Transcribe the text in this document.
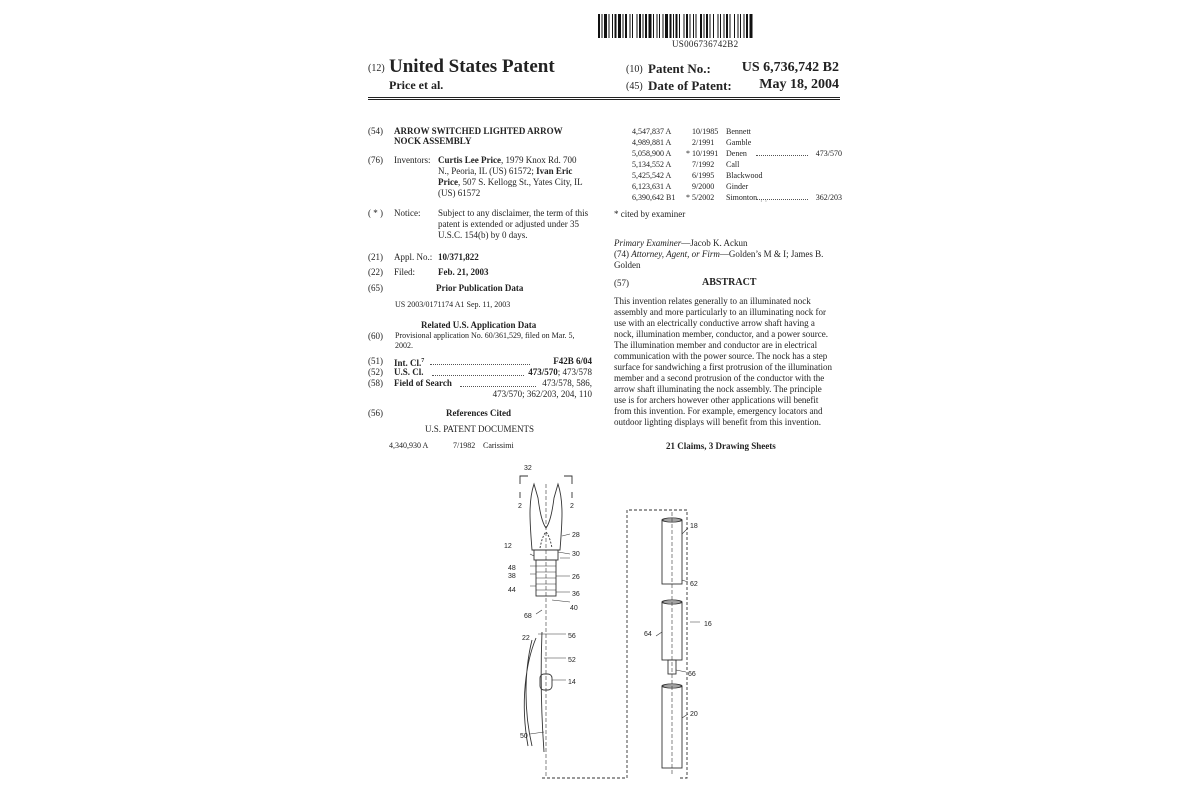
US006736742B2
(12) United States Patent
Price et al.
(10) Patent No.:	US 6,736,742 B2
(45) Date of Patent:	May 18, 2004
(54) ARROW SWITCHED LIGHTED ARROW
NOCK ASSEMBLY
(76) Inventors: Curtis Lee Price, 1979 Knox Rd. 700
N., Peoria, IL (US) 61572; Ivan Eric
Price, 507 S. Kellogg St., Yates City, IL
(US) 61572
( * ) Notice: Subject to any disclaimer, the term of this
patent is extended or adjusted under 35
U.S.C. 154(b) by 0 days.
(21) Appl. No.: 10/371,822
(22) Filed:	Feb. 21, 2003
(65)	Prior Publication Data
US 2003/0171174 A1 Sep. 11, 2003
Related U.S. Application Data
(60) Provisional application No. 60/361,529, filed on Mar. 5,
2002.
(51) Int. Cl.$^7$	F42B 6/04
(52) U.S. Cl.	473/570; 473/578
(58) Field of Search	473/578, 586,
473/570; 362/203, 204, 110
(56)	References Cited
U.S. PATENT DOCUMENTS
4,340,930 A	7/1982 Carissimi
4,547,837 A	10/1985 Bennett
4,989,881 A	2/1991 Gamble
5,058,900 A * 10/1991 Denen	473/570
5,134,552 A	7/1992 Call
5,425,542 A	6/1995 Blackwood
6,123,631 A	9/2000 Ginder
6,390,642 B1 * 5/2002 Simonton	362/203
· ·
* cited by examiner
Primary Examiner—Jacob K. Ackun
(74) Attorney, Agent, or Firm—Golden’s M & I; James B.
Golden
(57)	ABSTRACT
This invention relates generally to an illuminated nock
assembly and more particularly to an illuminating nock for
use with an electrically conductive arrow shaft having a
nock, illumination member, conductor, and a power source.
The illumination member and conductor are in electrical
communication with the power source. The nock has a step
surface for sandwiching a first protrusion of the illumination
member and a second protrusion of the conductor with the
arrow shaft illuminating the nock assembly. The principle
use is for archers however other applications will benefit
from this invention. For example, emergency locators and
outdoor lighting displays will benefit from this invention.
21 Claims, 3 Drawing Sheets
32
2	2
28
12
30
48
38	26
44
36
40
68
22	56
52
14
50
18
62
16
64
66
20
